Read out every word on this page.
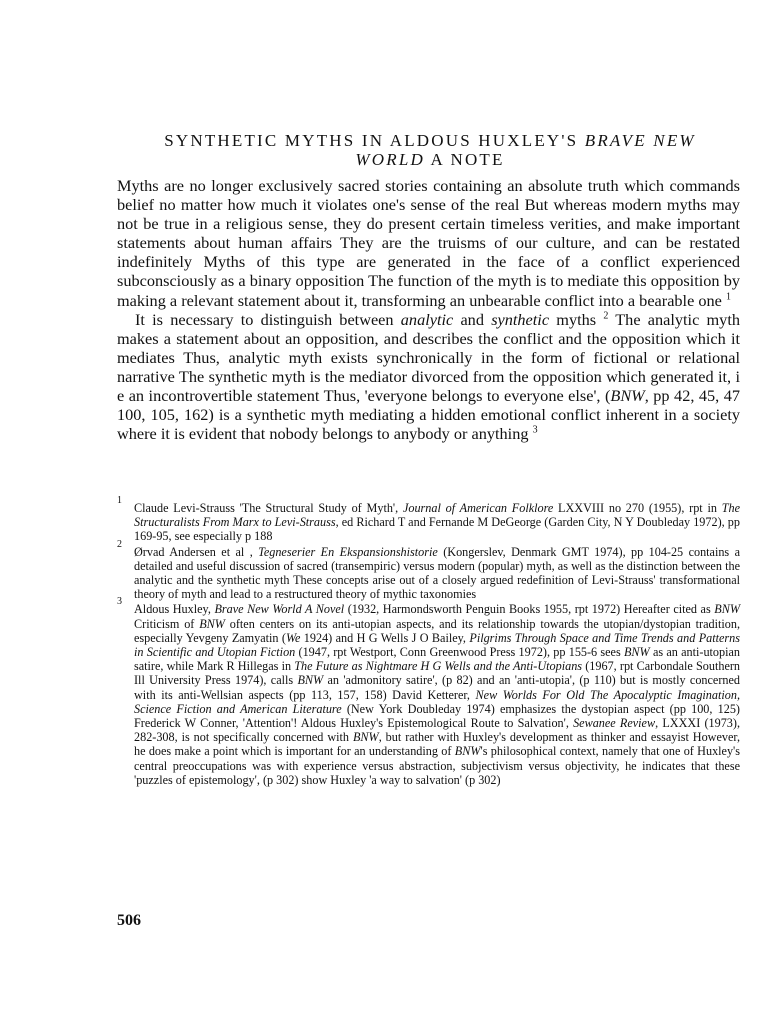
SYNTHETIC MYTHS IN ALDOUS HUXLEY'S BRAVE NEW
WORLD A NOTE

Myths are no longer exclusively sacred stories containing an absolute truth which commands belief no matter how much it violates one's sense of the real But whereas modern myths may not be true in a religious sense, they do present certain timeless verities, and make important statements about human affairs They are the truisms of our culture, and can be restated indefinitely Myths of this type are generated in the face of a conflict experienced subconsciously as a binary opposition The function of the myth is to mediate this opposition by making a relevant statement about it, transforming an unbearable conflict into a bearable one $^1$

It is necessary to distinguish between analytic and synthetic myths $^2$ The analytic myth makes a statement about an opposition, and describes the conflict and the opposition which it mediates Thus, analytic myth exists synchronically in the form of fictional or relational narrative The synthetic myth is the mediator divorced from the opposition which generated it, i e an incontrovertible statement Thus, 'everyone belongs to everyone else', (BNW, pp 42, 45, 47 100, 105, 162) is a synthetic myth mediating a hidden emotional conflict inherent in a society where it is evident that nobody belongs to anybody or anything $^3$

1
Claude Levi-Strauss 'The Structural Study of Myth', Journal of American Folklore LXXVIII no 270 (1955), rpt in The Structuralists From Marx to Levi-Strauss, ed Richard T and Fernande M DeGeorge (Garden City, N Y Doubleday 1972), pp 169-95, see especially p 188
2
Ørvad Andersen et al , Tegneserier En Ekspansionshistorie (Kongerslev, Denmark GMT 1974), pp 104-25 contains a detailed and useful discussion of sacred (transempiric) versus modern (popular) myth, as well as the distinction between the analytic and the synthetic myth These concepts arise out of a closely argued redefinition of Levi-Strauss' transformational theory of myth and lead to a restructured theory of mythic taxonomies
3
Aldous Huxley, Brave New World A Novel (1932, Harmondsworth Penguin Books 1955, rpt 1972) Hereafter cited as BNW Criticism of BNW often centers on its anti-utopian aspects, and its relationship towards the utopian/dystopian tradition, especially Yevgeny Zamyatin (We 1924) and H G Wells J O Bailey, Pilgrims Through Space and Time Trends and Patterns in Scientific and Utopian Fiction (1947, rpt Westport, Conn Greenwood Press 1972), pp 155-6 sees BNW as an anti-utopian satire, while Mark R Hillegas in The Future as Nightmare H G Wells and the Anti-Utopians (1967, rpt Carbondale Southern Ill University Press 1974), calls BNW an 'admonitory satire', (p 82) and an 'anti-utopia', (p 110) but is mostly concerned with its anti-Wellsian aspects (pp 113, 157, 158) David Ketterer, New Worlds For Old The Apocalyptic Imagination, Science Fiction and American Literature (New York Doubleday 1974) emphasizes the dystopian aspect (pp 100, 125) Frederick W Conner, 'Attention'! Aldous Huxley's Epistemological Route to Salvation', Sewanee Review, LXXXI (1973), 282-308, is not specifically concerned with BNW, but rather with Huxley's development as thinker and essayist However, he does make a point which is important for an understanding of BNW's philosophical context, namely that one of Huxley's central preoccupations was with experience versus abstraction, subjectivism versus objectivity, he indicates that these 'puzzles of epistemology', (p 302) show Huxley 'a way to salvation' (p 302)
506
